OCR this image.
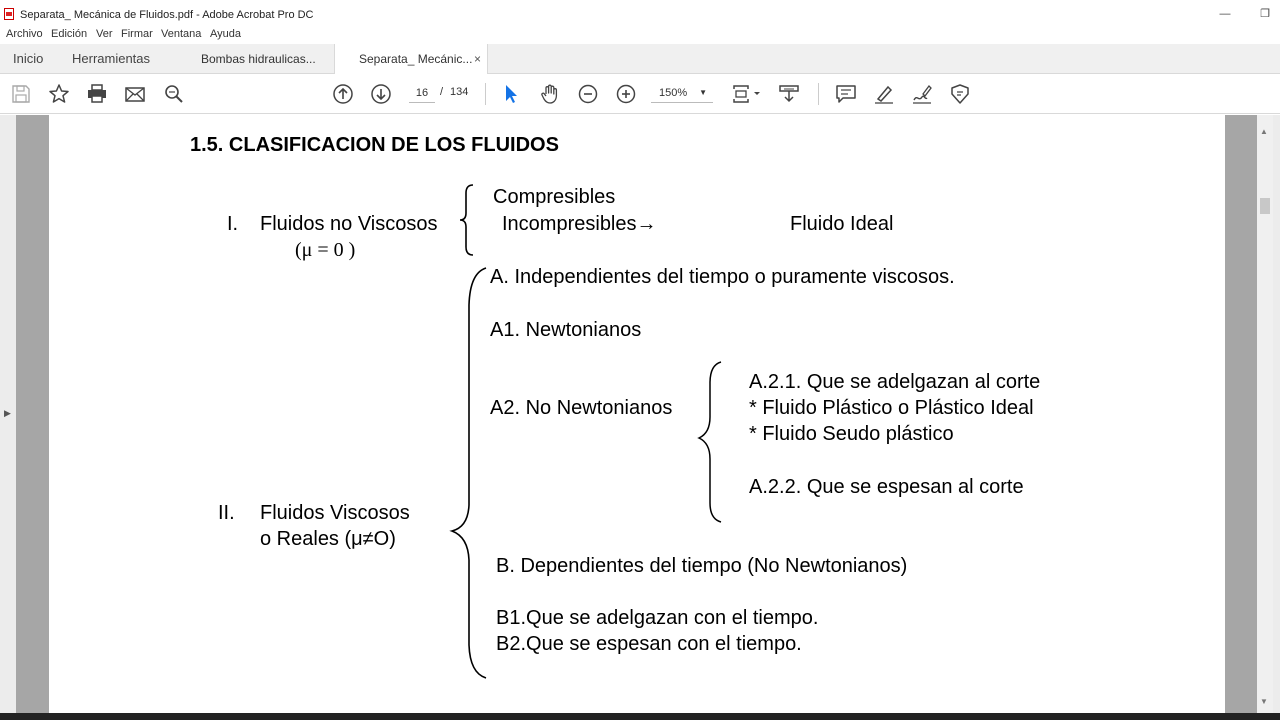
Separata_ Mecánica de Fluidos.pdf - Adobe Acrobat Pro DC	—	❐
Archivo Edición Ver Firmar Ventana Ayuda
Inicio Herramientas	Bombas hidraulicas...	Separata_ Mecánic... ×
16	/ 134	150% ▼
▶
1.5. CLASIFICACION DE LOS FLUIDOS
I. Fluidos no Viscosos
(μ = 0 )
Compresibles
Incompresibles→	Fluido Ideal
A. Independientes del tiempo o puramente viscosos.
A1. Newtonianos
A2. No Newtonianos
A.2.1. Que se adelgazan al corte
* Fluido Plástico o Plástico Ideal
* Fluido Seudo plástico
A.2.2. Que se espesan al corte
II. Fluidos Viscosos
o Reales (μ≠O)
B. Dependientes del tiempo (No Newtonianos)
B1.Que se adelgazan con el tiempo.
B2.Que se espesan con el tiempo.
▲
▼
